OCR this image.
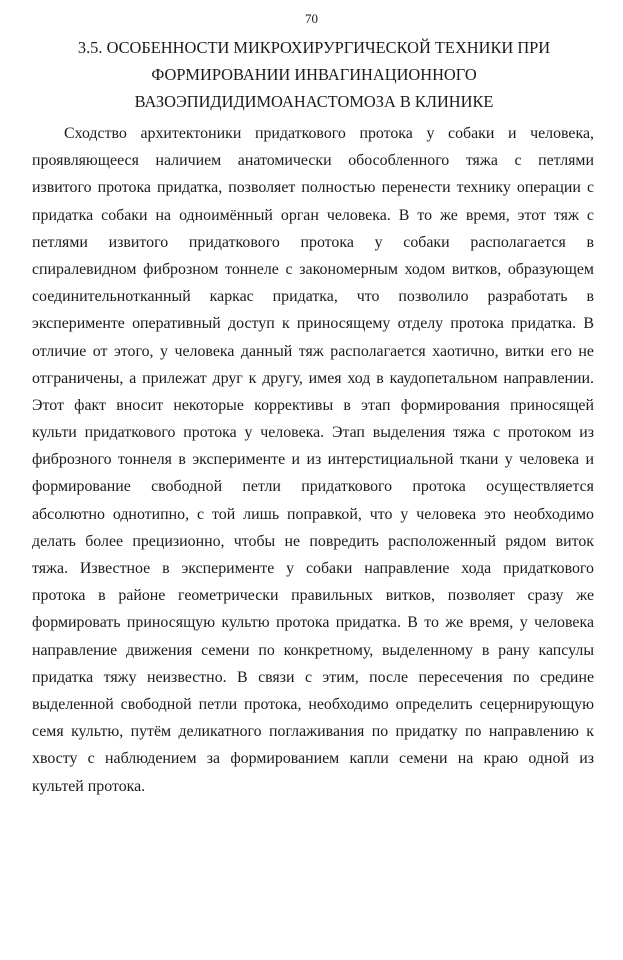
70
3.5. ОСОБЕННОСТИ МИКРОХИРУРГИЧЕСКОЙ ТЕХНИКИ ПРИ
ФОРМИРОВАНИИ ИНВАГИНАЦИОННОГО
ВАЗОЭПИДИДИМОАНАСТОМОЗА В КЛИНИКЕ
Сходство архитектоники придаткового протока у собаки и человека,
проявляющееся наличием анатомически обособленного тяжа с петлями
извитого протока придатка, позволяет полностью перенести технику операции с
придатка собаки на одноимённый орган человека. В то же время, этот тяж с
петлями извитого придаткового протока у собаки располагается в
спиралевидном фиброзном тоннеле с закономерным ходом витков, образующем
соединительнотканный каркас придатка, что позволило разработать в
эксперименте оперативный доступ к приносящему отделу протока придатка. В
отличие от этого, у человека данный тяж располагается хаотично, витки его не
отграничены, а прилежат друг к другу, имея ход в каудопетальном направлении.
Этот факт вносит некоторые коррективы в этап формирования приносящей
культи придаткового протока у человека. Этап выделения тяжа с протоком из
фиброзного тоннеля в эксперименте и из интерстициальной ткани у человека и
формирование свободной петли придаткового протока осуществляется
абсолютно однотипно, с той лишь поправкой, что у человека это необходимо
делать более прецизионно, чтобы не повредить расположенный рядом виток
тяжа. Известное в эксперименте у собаки направление хода придаткового
протока в районе геометрически правильных витков, позволяет сразу же
формировать приносящую культю протока придатка. В то же время, у человека
направление движения семени по конкретному, выделенному в рану капсулы
придатка тяжу неизвестно. В связи с этим, после пересечения по средине
выделенной свободной петли протока, необходимо определить сецернирующую
семя культю, путём деликатного поглаживания по придатку по направлению к
хвосту с наблюдением за формированием капли семени на краю одной из
культей протока.
